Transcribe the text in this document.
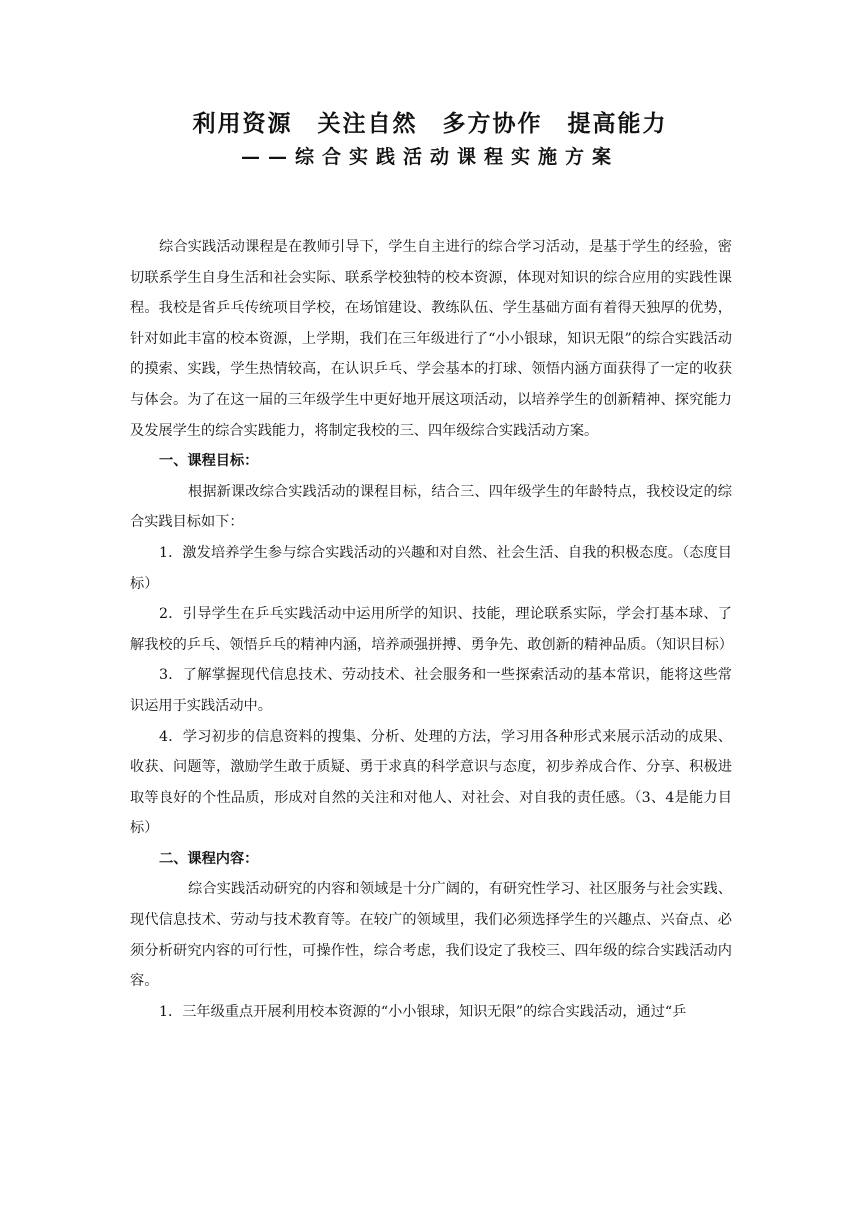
利用资源　关注自然　多方协作　提高能力
——综合实践活动课程实施方案

综合实践活动课程是在教师引导下，学生自主进行的综合学习活动，是基于学生的经验，密切联系学生自身生活和社会实际、联系学校独特的校本资源，体现对知识的综合应用的实践性课程。我校是省乒乓传统项目学校，在场馆建设、教练队伍、学生基础方面有着得天独厚的优势，针对如此丰富的校本资源，上学期，我们在三年级进行了“小小银球，知识无限”的综合实践活动的摸索、实践，学生热情较高，在认识乒乓、学会基本的打球、领悟内涵方面获得了一定的收获与体会。为了在这一届的三年级学生中更好地开展这项活动，以培养学生的创新精神、探究能力及发展学生的综合实践能力，将制定我校的三、四年级综合实践活动方案。

一、课程目标：

根据新课改综合实践活动的课程目标，结合三、四年级学生的年龄特点，我校设定的综合实践目标如下：

1．激发培养学生参与综合实践活动的兴趣和对自然、社会生活、自我的积极态度。（态度目标）

2．引导学生在乒乓实践活动中运用所学的知识、技能，理论联系实际，学会打基本球、了解我校的乒乓、领悟乒乓的精神内涵，培养顽强拼搏、勇争先、敢创新的精神品质。（知识目标）

3．了解掌握现代信息技术、劳动技术、社会服务和一些探索活动的基本常识，能将这些常识运用于实践活动中。

4．学习初步的信息资料的搜集、分析、处理的方法，学习用各种形式来展示活动的成果、收获、问题等，激励学生敢于质疑、勇于求真的科学意识与态度，初步养成合作、分享、积极进取等良好的个性品质，形成对自然的关注和对他人、对社会、对自我的责任感。（3、4是能力目标）

二、课程内容：

综合实践活动研究的内容和领域是十分广阔的，有研究性学习、社区服务与社会实践、现代信息技术、劳动与技术教育等。在较广的领域里，我们必须选择学生的兴趣点、兴奋点、必须分析研究内容的可行性，可操作性，综合考虑，我们设定了我校三、四年级的综合实践活动内容。

1．三年级重点开展利用校本资源的“小小银球，知识无限”的综合实践活动，通过“乒
